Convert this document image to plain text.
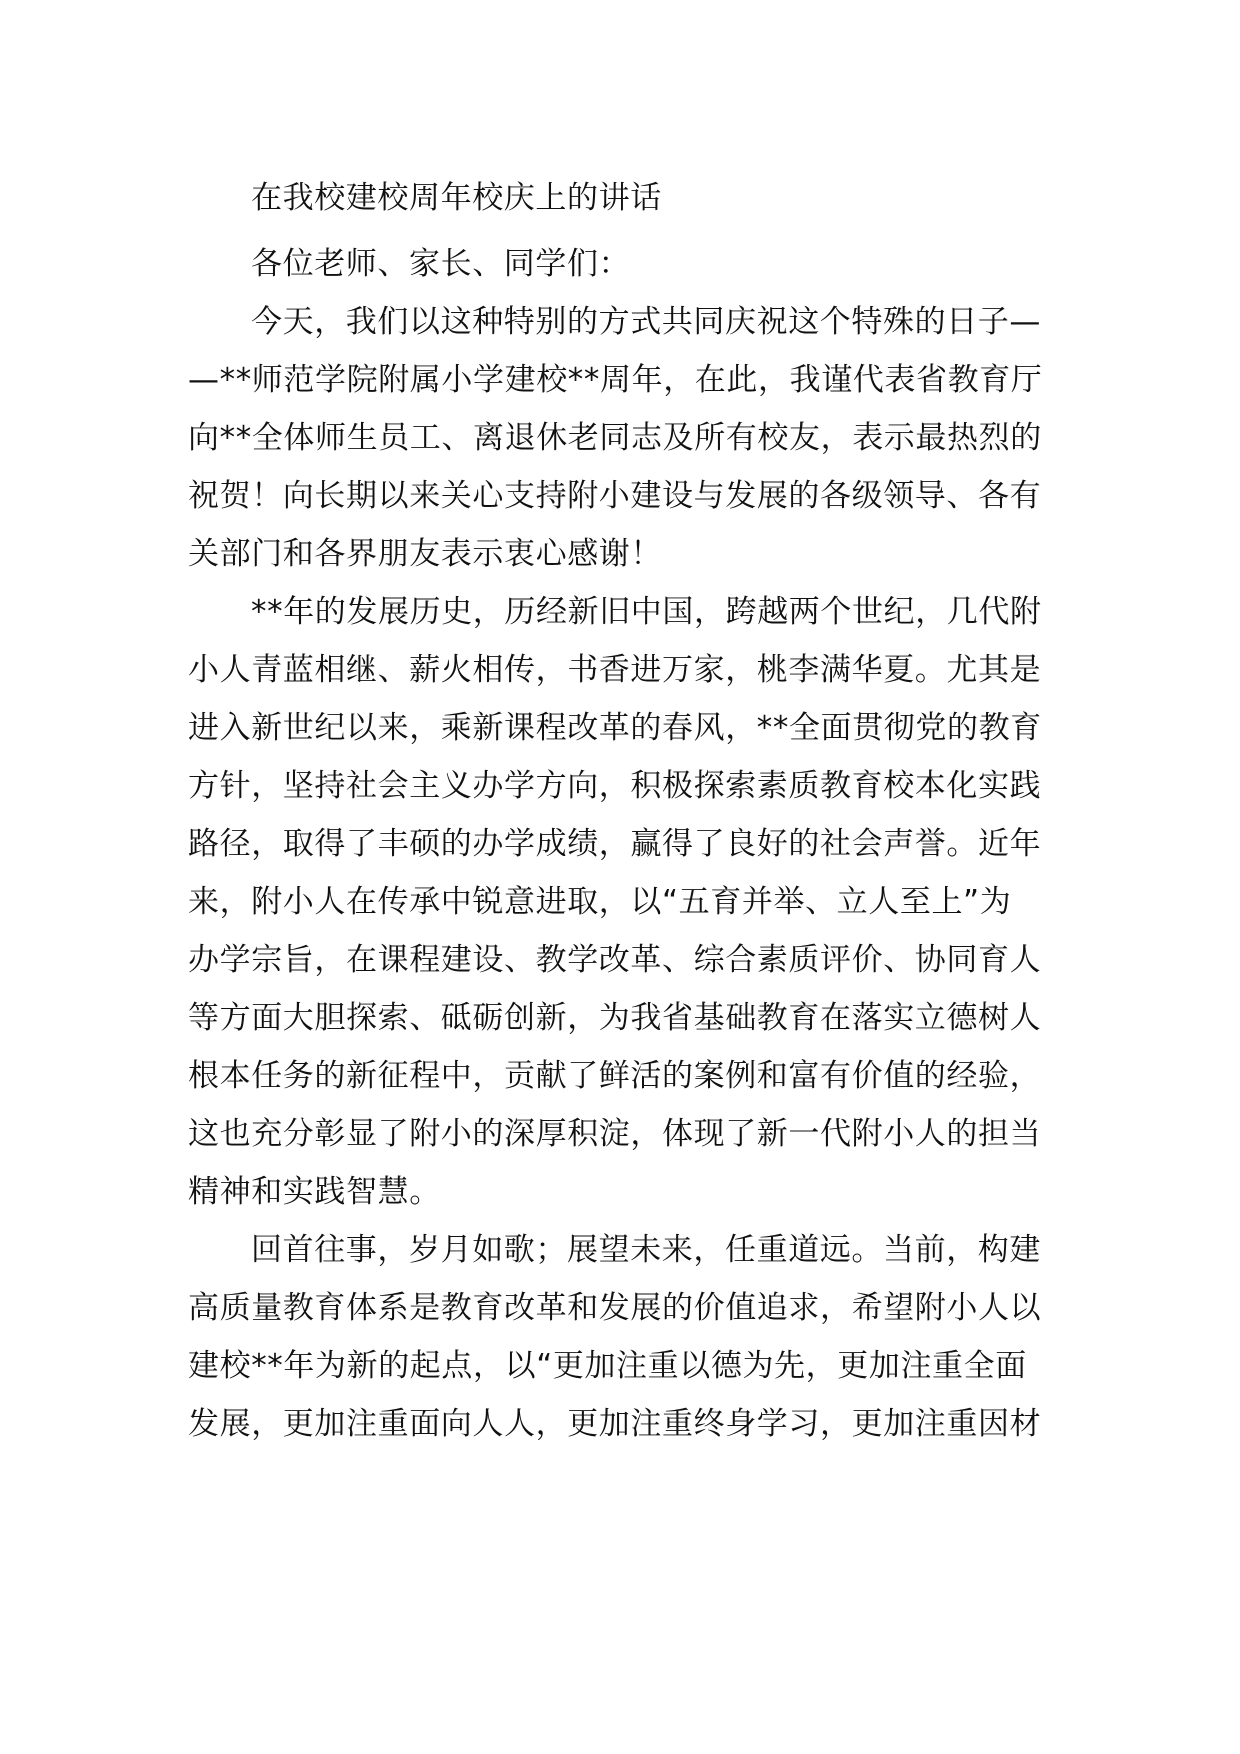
在我校建校周年校庆上的讲话
各位老师、家长、同学们：
今天，我们以这种特别的方式共同庆祝这个特殊的日子—
—**师范学院附属小学建校**周年，在此，我谨代表省教育厅
向**全体师生员工、离退休老同志及所有校友，表示最热烈的
祝贺！向长期以来关心支持附小建设与发展的各级领导、各有
关部门和各界朋友表示衷心感谢！
**年的发展历史，历经新旧中国，跨越两个世纪，几代附
小人青蓝相继、薪火相传，书香进万家，桃李满华夏。尤其是
进入新世纪以来，乘新课程改革的春风，**全面贯彻党的教育
方针，坚持社会主义办学方向，积极探索素质教育校本化实践
路径，取得了丰硕的办学成绩，赢得了良好的社会声誉。近年
来，附小人在传承中锐意进取，以“五育并举、立人至上”为
办学宗旨，在课程建设、教学改革、综合素质评价、协同育人
等方面大胆探索、砥砺创新，为我省基础教育在落实立德树人
根本任务的新征程中，贡献了鲜活的案例和富有价值的经验，
这也充分彰显了附小的深厚积淀，体现了新一代附小人的担当
精神和实践智慧。
回首往事，岁月如歌；展望未来，任重道远。当前，构建
高质量教育体系是教育改革和发展的价值追求，希望附小人以
建校**年为新的起点，以“更加注重以德为先，更加注重全面
发展，更加注重面向人人，更加注重终身学习，更加注重因材
